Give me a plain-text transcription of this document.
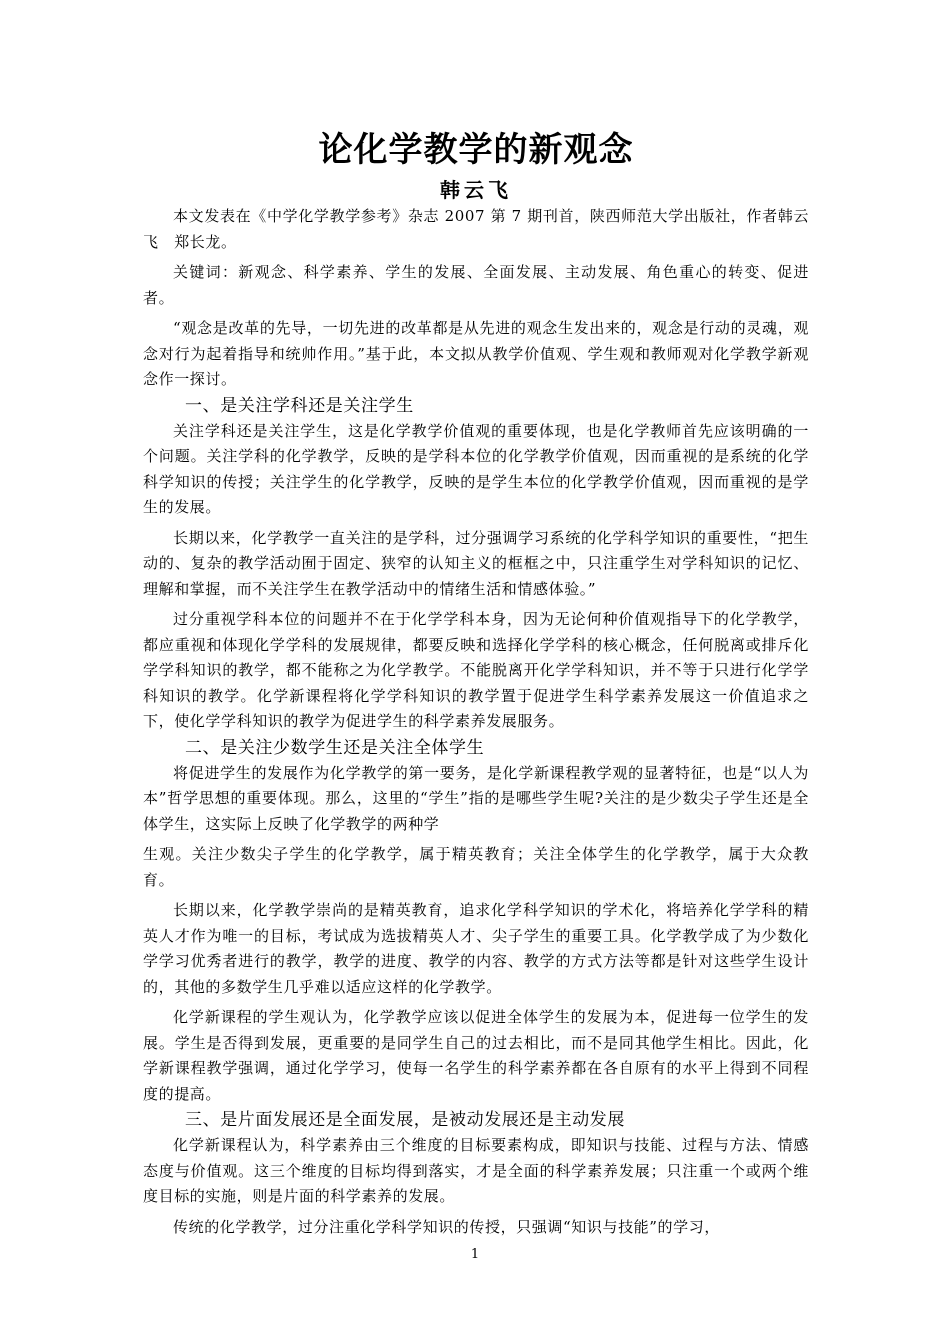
论化学教学的新观念
韩云飞

本文发表在《中学化学教学参考》杂志 2007 第 7 期刊首，陕西师范大学出版社，作者韩云飞　郑长龙。

关键词：新观念、科学素养、学生的发展、全面发展、主动发展、角色重心的转变、促进者。

“观念是改革的先导，一切先进的改革都是从先进的观念生发出来的，观念是行动的灵魂，观念对行为起着指导和统帅作用。”基于此，本文拟从教学价值观、学生观和教师观对化学教学新观念作一探讨。

一、是关注学科还是关注学生

关注学科还是关注学生，这是化学教学价值观的重要体现，也是化学教师首先应该明确的一个问题。关注学科的化学教学，反映的是学科本位的化学教学价值观，因而重视的是系统的化学科学知识的传授；关注学生的化学教学，反映的是学生本位的化学教学价值观，因而重视的是学生的发展。

长期以来，化学教学一直关注的是学科，过分强调学习系统的化学科学知识的重要性，“把生动的、复杂的教学活动囿于固定、狭窄的认知主义的框框之中，只注重学生对学科知识的记忆、理解和掌握，而不关注学生在教学活动中的情绪生活和情感体验。”

过分重视学科本位的问题并不在于化学学科本身，因为无论何种价值观指导下的化学教学，都应重视和体现化学学科的发展规律，都要反映和选择化学学科的核心概念，任何脱离或排斥化学学科知识的教学，都不能称之为化学教学。不能脱离开化学学科知识，并不等于只进行化学学科知识的教学。化学新课程将化学学科知识的教学置于促进学生科学素养发展这一价值追求之下，使化学学科知识的教学为促进学生的科学素养发展服务。

二、是关注少数学生还是关注全体学生

将促进学生的发展作为化学教学的第一要务，是化学新课程教学观的显著特征，也是“以人为本”哲学思想的重要体现。那么，这里的“学生”指的是哪些学生呢?关注的是少数尖子学生还是全体学生，这实际上反映了化学教学的两种学

生观。关注少数尖子学生的化学教学，属于精英教育；关注全体学生的化学教学，属于大众教育。

长期以来，化学教学崇尚的是精英教育，追求化学科学知识的学术化，将培养化学学科的精英人才作为唯一的目标，考试成为选拔精英人才、尖子学生的重要工具。化学教学成了为少数化学学习优秀者进行的教学，教学的进度、教学的内容、教学的方式方法等都是针对这些学生设计的，其他的多数学生几乎难以适应这样的化学教学。

化学新课程的学生观认为，化学教学应该以促进全体学生的发展为本，促进每一位学生的发展。学生是否得到发展，更重要的是同学生自己的过去相比，而不是同其他学生相比。因此，化学新课程教学强调，通过化学学习，使每一名学生的科学素养都在各自原有的水平上得到不同程度的提高。

三、是片面发展还是全面发展，是被动发展还是主动发展

化学新课程认为，科学素养由三个维度的目标要素构成，即知识与技能、过程与方法、情感态度与价值观。这三个维度的目标均得到落实，才是全面的科学素养发展；只注重一个或两个维度目标的实施，则是片面的科学素养的发展。

传统的化学教学，过分注重化学科学知识的传授，只强调“知识与技能”的学习，

1
